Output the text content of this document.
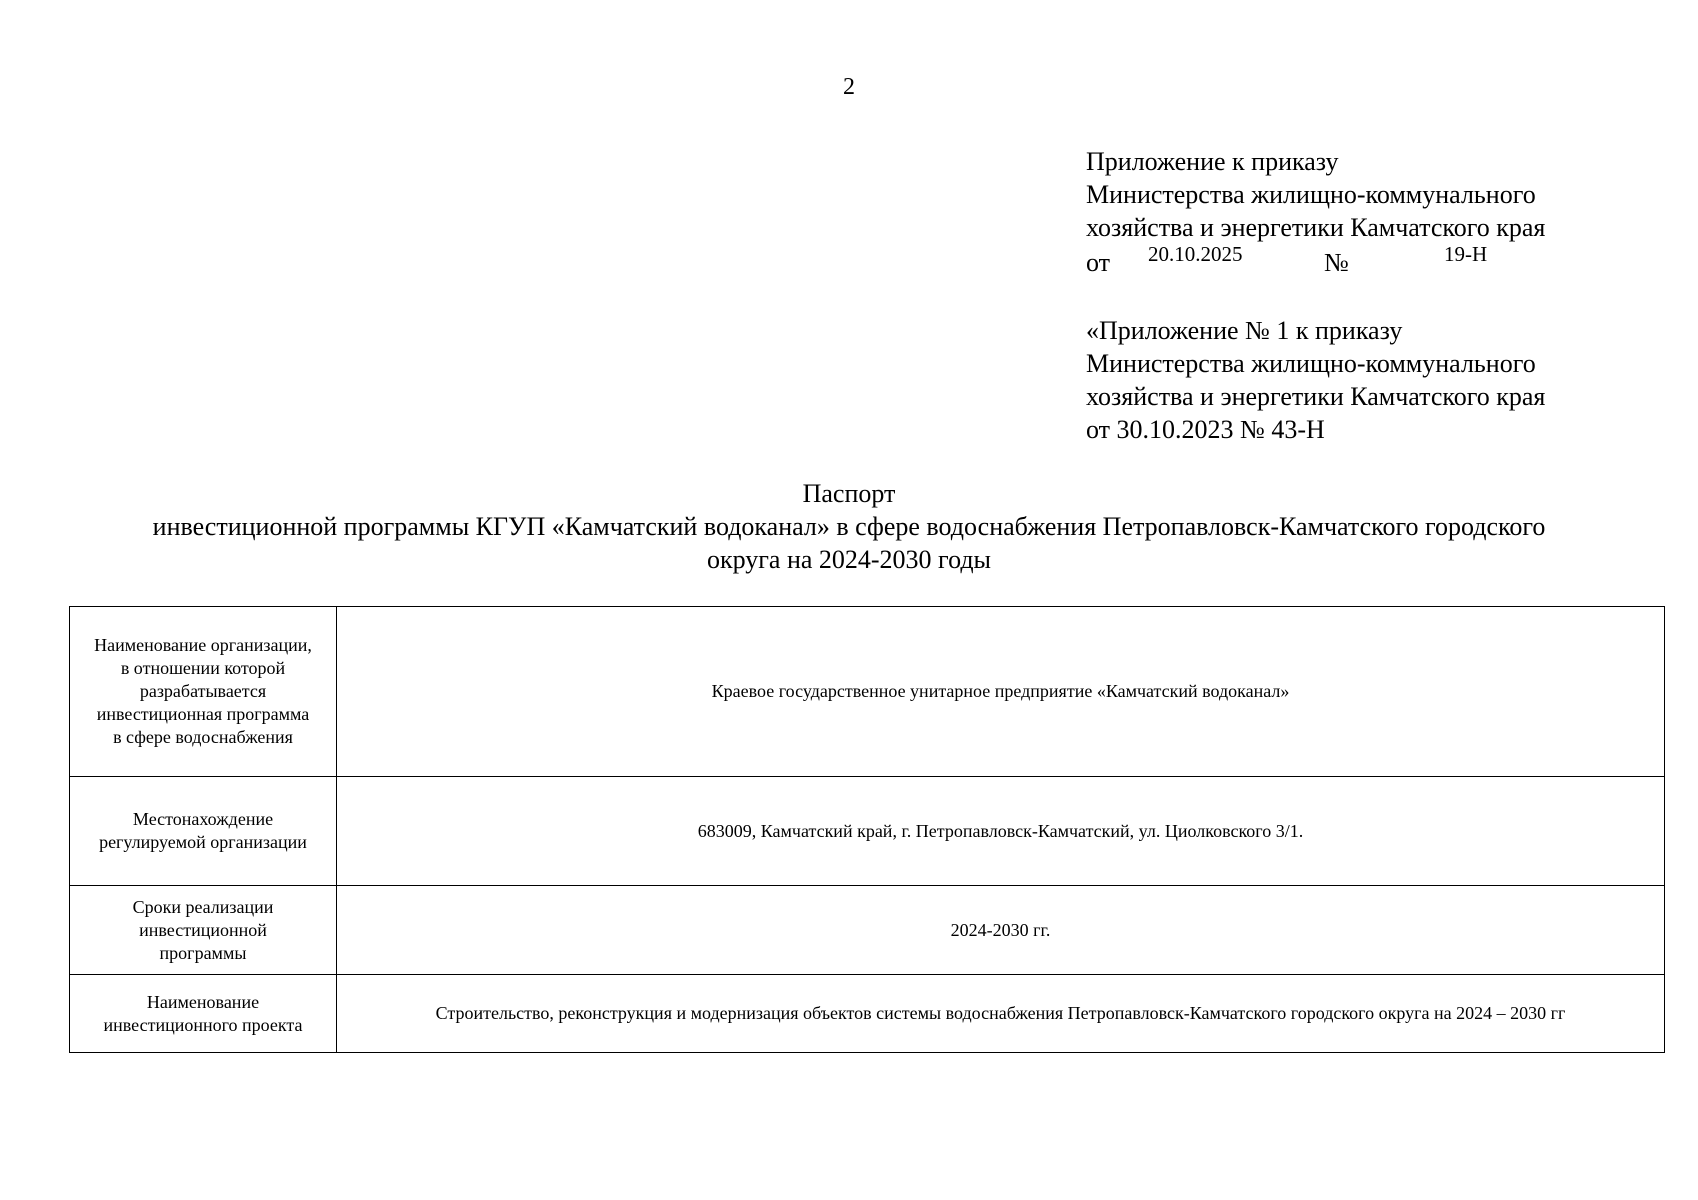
2
Приложение к приказу
Министерства жилищно-коммунального
хозяйства и энергетики Камчатского края
от 20.10.2025	№	19-Н
«Приложение № 1 к приказу
Министерства жилищно-коммунального
хозяйства и энергетики Камчатского края
от 30.10.2023 № 43-Н
Паспорт
инвестиционной программы КГУП «Камчатский водоканал» в сфере водоснабжения Петропавловск-Камчатского городского
округа на 2024-2030 годы
Наименование организации,
в отношении которой
разрабатывается
инвестиционная программа
в сфере водоснабжения	Краевое государственное унитарное предприятие «Камчатский водоканал»

Местонахождение
регулируемой организации	683009, Камчатский край, г. Петропавловск-Камчатский, ул. Циолковского 3/1.

Сроки реализации
инвестиционной
программы	2024-2030 гг.

Наименование
инвестиционного проекта	Строительство, реконструкция и модернизация объектов системы водоснабжения Петропавловск-Камчатского городского округа на 2024 – 2030 гг
